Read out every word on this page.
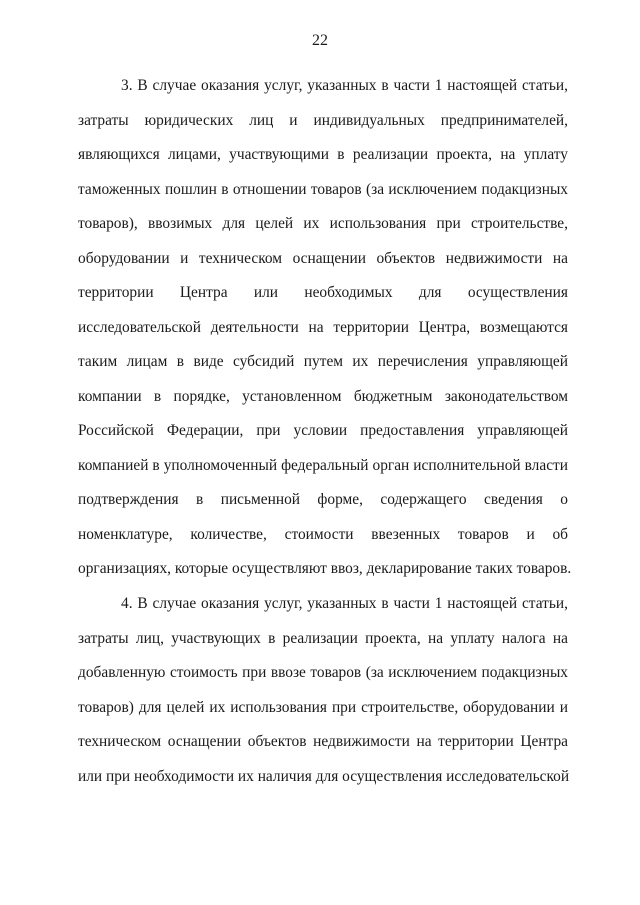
22
3. В случае оказания услуг, указанных в части 1 настоящей статьи,
затраты юридических лиц и индивидуальных предпринимателей,
являющихся лицами, участвующими в реализации проекта, на уплату
таможенных пошлин в отношении товаров (за исключением подакцизных
товаров), ввозимых для целей их использования при строительстве,
оборудовании и техническом оснащении объектов недвижимости на
территории Центра или необходимых для осуществления
исследовательской деятельности на территории Центра, возмещаются
таким лицам в виде субсидий путем их перечисления управляющей
компании в порядке, установленном бюджетным законодательством
Российской Федерации, при условии предоставления управляющей
компанией в уполномоченный федеральный орган исполнительной власти
подтверждения в письменной форме, содержащего сведения о
номенклатуре, количестве, стоимости ввезенных товаров и об
организациях, которые осуществляют ввоз, декларирование таких товаров.
4. В случае оказания услуг, указанных в части 1 настоящей статьи,
затраты лиц, участвующих в реализации проекта, на уплату налога на
добавленную стоимость при ввозе товаров (за исключением подакцизных
товаров) для целей их использования при строительстве, оборудовании и
техническом оснащении объектов недвижимости на территории Центра
или при необходимости их наличия для осуществления исследовательской
